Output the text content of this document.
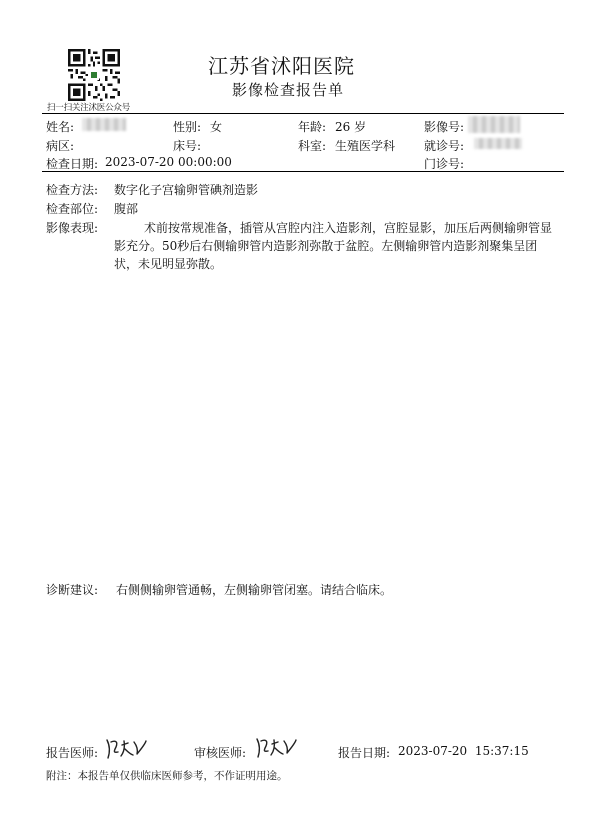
扫一扫关注沭医公众号
江苏省沭阳医院
影像检查报告单
姓名:	性别: 女	年龄: 26 岁	影像号:
病区:	床号:	科室: 生殖医学科 就诊号:
检查日期: 2023-07-20 00:00:00	门诊号:
检查方法: 数字化子宫输卵管碘剂造影
检查部位: 腹部
影像表现:	术前按常规准备，插管从宫腔内注入造影剂，宫腔显影，加压后两侧输卵管显影充分。50秒后右侧输卵管内造影剂弥散于盆腔。左侧输卵管内造影剂聚集呈团状，未见明显弥散。
诊断建议: 右侧侧输卵管通畅，左侧输卵管闭塞。请结合临床。
报告医师:	审核医师:	报告日期: 2023-07-20  15:37:15
附注：本报告单仅供临床医师参考，不作证明用途。
